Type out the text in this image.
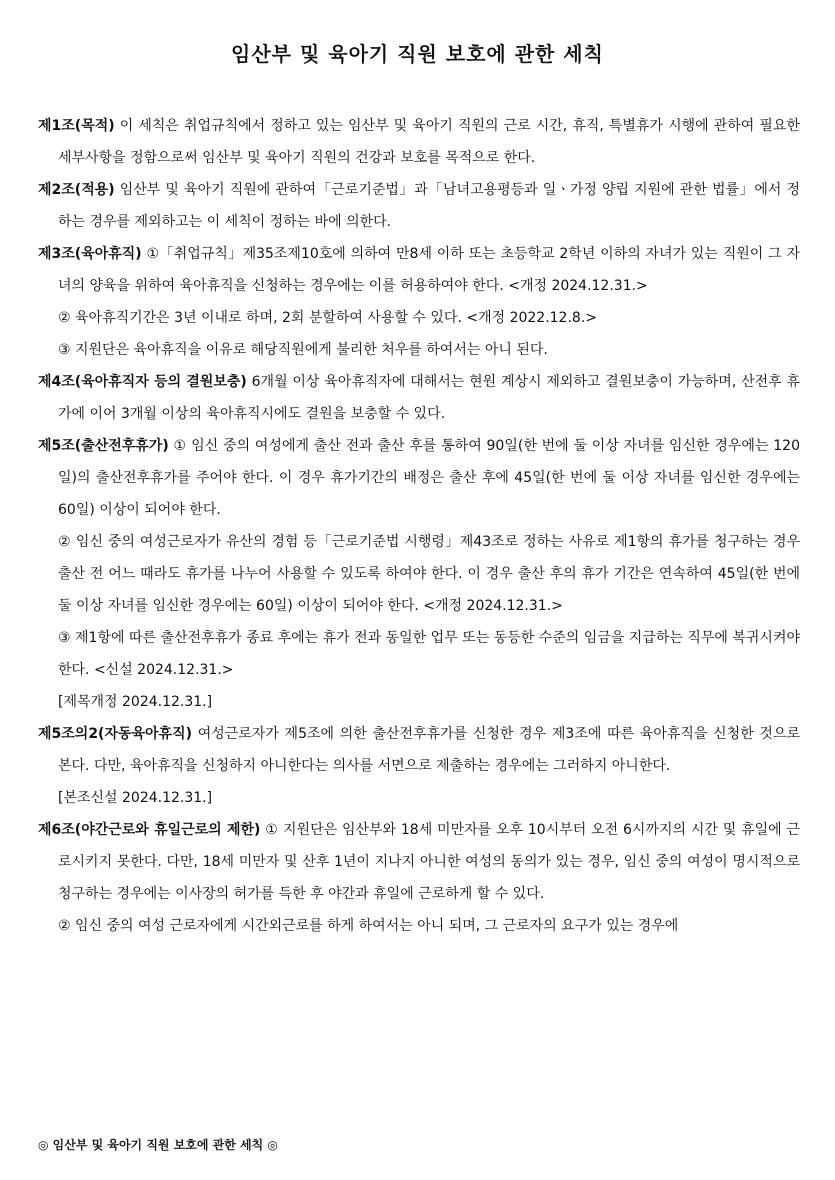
임산부 및 육아기 직원 보호에 관한 세칙

제1조(목적) 이 세칙은 취업규칙에서 정하고 있는 임산부 및 육아기 직원의 근로 시간, 휴직, 특별휴가 시행에 관하여 필요한 세부사항을 정함으로써 임산부 및 육아기 직원의 건강과 보호를 목적으로 한다.

제2조(적용) 임산부 및 육아기 직원에 관하여「근로기준법」과「남녀고용평등과 일ㆍ가정 양립 지원에 관한 법률」에서 정하는 경우를 제외하고는 이 세칙이 정하는 바에 의한다.

제3조(육아휴직) ①「취업규칙」제35조제10호에 의하여 만8세 이하 또는 초등학교 2학년 이하의 자녀가 있는 직원이 그 자녀의 양육을 위하여 육아휴직을 신청하는 경우에는 이를 허용하여야 한다. <개정 2024.12.31.>

② 육아휴직기간은 3년 이내로 하며, 2회 분할하여 사용할 수 있다. <개정 2022.12.8.>

③ 지원단은 육아휴직을 이유로 해당직원에게 불리한 처우를 하여서는 아니 된다.

제4조(육아휴직자 등의 결원보충) 6개월 이상 육아휴직자에 대해서는 현원 계상시 제외하고 결원보충이 가능하며, 산전후 휴가에 이어 3개월 이상의 육아휴직시에도 결원을 보충할 수 있다.

제5조(출산전후휴가) ① 임신 중의 여성에게 출산 전과 출산 후를 통하여 90일(한 번에 둘 이상 자녀를 임신한 경우에는 120일)의 출산전후휴가를 주어야 한다. 이 경우 휴가기간의 배정은 출산 후에 45일(한 번에 둘 이상 자녀를 임신한 경우에는 60일) 이상이 되어야 한다.

② 임신 중의 여성근로자가 유산의 경험 등「근로기준법 시행령」제43조로 정하는 사유로 제1항의 휴가를 청구하는 경우 출산 전 어느 때라도 휴가를 나누어 사용할 수 있도록 하여야 한다. 이 경우 출산 후의 휴가 기간은 연속하여 45일(한 번에 둘 이상 자녀를 임신한 경우에는 60일) 이상이 되어야 한다. <개정 2024.12.31.>

③ 제1항에 따른 출산전후휴가 종료 후에는 휴가 전과 동일한 업무 또는 동등한 수준의 임금을 지급하는 직무에 복귀시켜야 한다. <신설 2024.12.31.>

[제목개정 2024.12.31.]

제5조의2(자동육아휴직) 여성근로자가 제5조에 의한 출산전후휴가를 신청한 경우 제3조에 따른 육아휴직을 신청한 것으로 본다. 다만, 육아휴직을 신청하지 아니한다는 의사를 서면으로 제출하는 경우에는 그러하지 아니한다.

[본조신설 2024.12.31.]

제6조(야간근로와 휴일근로의 제한) ① 지원단은 임산부와 18세 미만자를 오후 10시부터 오전 6시까지의 시간 및 휴일에 근로시키지 못한다. 다만, 18세 미만자 및 산후 1년이 지나지 아니한 여성의 동의가 있는 경우, 임신 중의 여성이 명시적으로 청구하는 경우에는 이사장의 허가를 득한 후 야간과 휴일에 근로하게 할 수 있다.

② 임신 중의 여성 근로자에게 시간외근로를 하게 하여서는 아니 되며, 그 근로자의 요구가 있는 경우에

◎ 임산부 및 육아기 직원 보호에 관한 세칙 ◎
